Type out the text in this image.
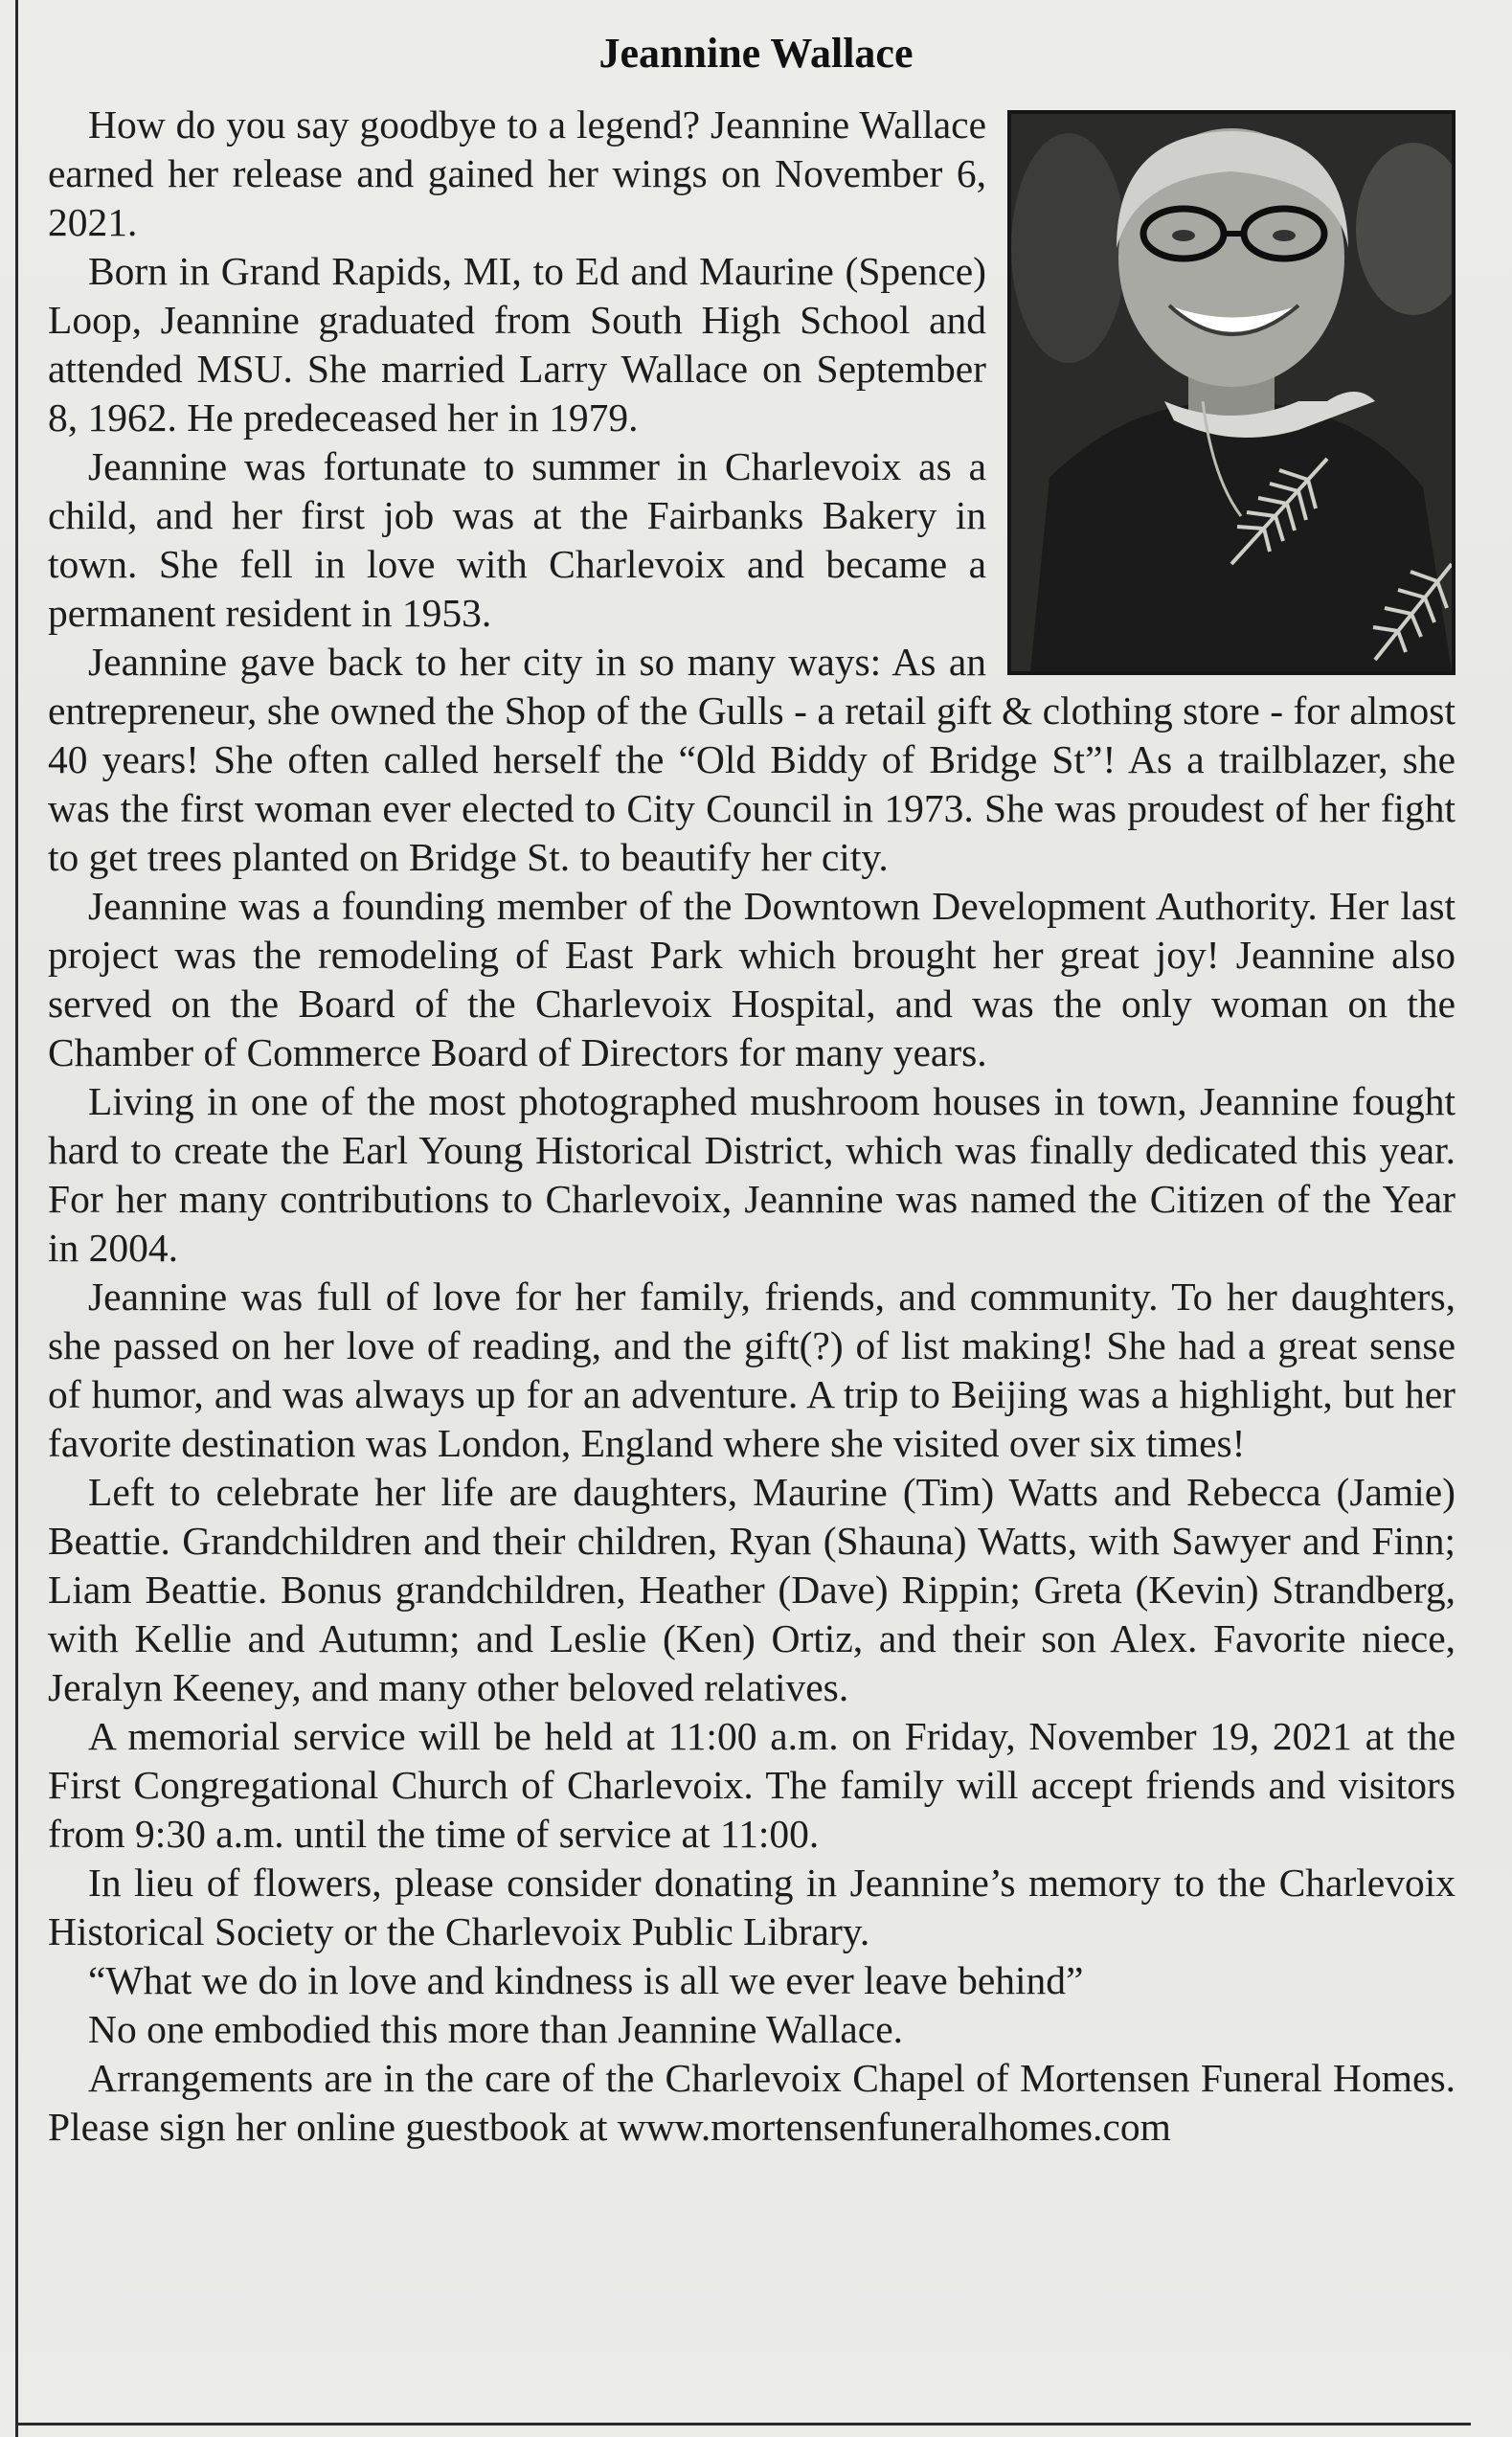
Jeannine Wallace

How do you say goodbye to a legend? Jeannine Wallace earned her release and gained her wings on November 6, 2021.

Born in Grand Rapids, MI, to Ed and Maurine (Spence) Loop, Jeannine graduated from South High School and attended MSU. She married Larry Wallace on September 8, 1962. He predeceased her in 1979.

Jeannine was fortunate to summer in Charlevoix as a child, and her first job was at the Fairbanks Bakery in town. She fell in love with Charlevoix and became a permanent resident in 1953.

Jeannine gave back to her city in so many ways: As an entrepreneur, she owned the Shop of the Gulls - a retail gift & clothing store - for almost 40 years! She often called herself the “Old Biddy of Bridge St”! As a trailblazer, she was the first woman ever elected to City Council in 1973. She was proudest of her fight to get trees planted on Bridge St. to beautify her city.

Jeannine was a founding member of the Downtown Development Authority. Her last project was the remodeling of East Park which brought her great joy! Jeannine also served on the Board of the Charlevoix Hospital, and was the only woman on the Chamber of Commerce Board of Directors for many years.

Living in one of the most photographed mushroom houses in town, Jeannine fought hard to create the Earl Young Historical District, which was finally dedicated this year. For her many contributions to Charlevoix, Jeannine was named the Citizen of the Year in 2004.

Jeannine was full of love for her family, friends, and community. To her daughters, she passed on her love of reading, and the gift(?) of list making! She had a great sense of humor, and was always up for an adventure. A trip to Beijing was a highlight, but her favorite destination was London, England where she visited over six times!

Left to celebrate her life are daughters, Maurine (Tim) Watts and Rebecca (Jamie) Beattie. Grandchildren and their children, Ryan (Shauna) Watts, with Sawyer and Finn; Liam Beattie. Bonus grandchildren, Heather (Dave) Rippin; Greta (Kevin) Strandberg, with Kellie and Autumn; and Leslie (Ken) Ortiz, and their son Alex. Favorite niece, Jeralyn Keeney, and many other beloved relatives.

A memorial service will be held at 11:00 a.m. on Friday, November 19, 2021 at the First Congregational Church of Charlevoix. The family will accept friends and visitors from 9:30 a.m. until the time of service at 11:00.

In lieu of flowers, please consider donating in Jeannine’s memory to the Charlevoix Historical Society or the Charlevoix Public Library.

“What we do in love and kindness is all we ever leave behind”

No one embodied this more than Jeannine Wallace.

Arrangements are in the care of the Charlevoix Chapel of Mortensen Funeral Homes. Please sign her online guestbook at www.mortensenfuneralhomes.com
